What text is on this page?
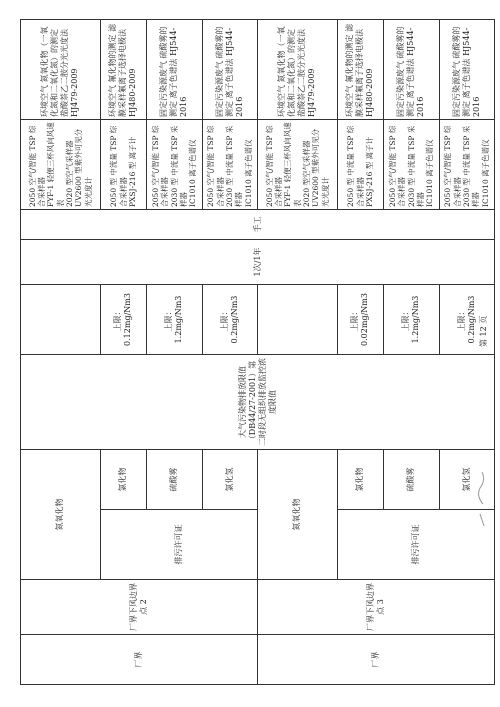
厂界	厂界下风边界点 2	氮氧化物		大气污染物排放限值（DB44/27-2001）第二时段无组织排放监控浓度限值		1次/1年	手工	2050 空气/智能 TSP 综合采样器
FYF-1 轻便三杯风向风速表
2020 型空气采样器
UV2600 型紫外可见分光光度计	环境空气 氮氧化物（一氧化氮和二氧化氮）的测定 盐酸萘乙二胺分光光度法 HJ479-2009
		排污许可证	氯化物		上限：0.12mg/Nm3			2050 型 中流量 TSP 综合采样器
PXSJ-216 型 离子计	环境空气 氟化物的测定 滤膜采样氟离子选择电极法 HJ480-2009
			硫酸雾		上限：1.2mg/Nm3			2050 空气/智能 TSP 综合采样器
2030 型 中流量 TSP 采样器
IC1010 离子色谱仪	固定污染源废气 硫酸雾的测定 离子色谱法 HJ544-2016
			氯化氢		上限：0.2mg/Nm3			2050 空气/智能 TSP 综合采样器
2030 型 中流量 TSP 采样器
IC1010 离子色谱仪	固定污染源废气 硫酸雾的测定 离子色谱法 HJ544-2016
厂界	厂界下风边界点 3	氮氧化物						2050 空气/智能 TSP 综合采样器
FYF-1 轻便三杯风向风速表
2020 型空气采样器
UV2600 型紫外可见分光光度计	环境空气 氮氧化物（一氧化氮和二氧化氮）的测定 盐酸萘乙二胺分光光度法 HJ479-2009
		排污许可证	氯化物		上限：0.02mg/Nm3			2050 型 中流量 TSP 综合采样器
PXSJ-216 型 离子计	环境空气 氟化物的测定 滤膜采样氟离子选择电极法 HJ480-2009
			硫酸雾		上限：1.2mg/Nm3			2050 空气/智能 TSP 综合采样器
2030 型 中流量 TSP 采样器
IC1010 离子色谱仪	固定污染源废气 硫酸雾的测定 离子色谱法 HJ544-2016
			氯化氢		上限：0.2mg/Nm3			2050 空气/智能 TSP 综合采样器
2030 型 中流量 TSP 采样器
IC1010 离子色谱仪	固定污染源废气 硫酸雾的测定 离子色谱法 HJ544-2016
第 12 页
